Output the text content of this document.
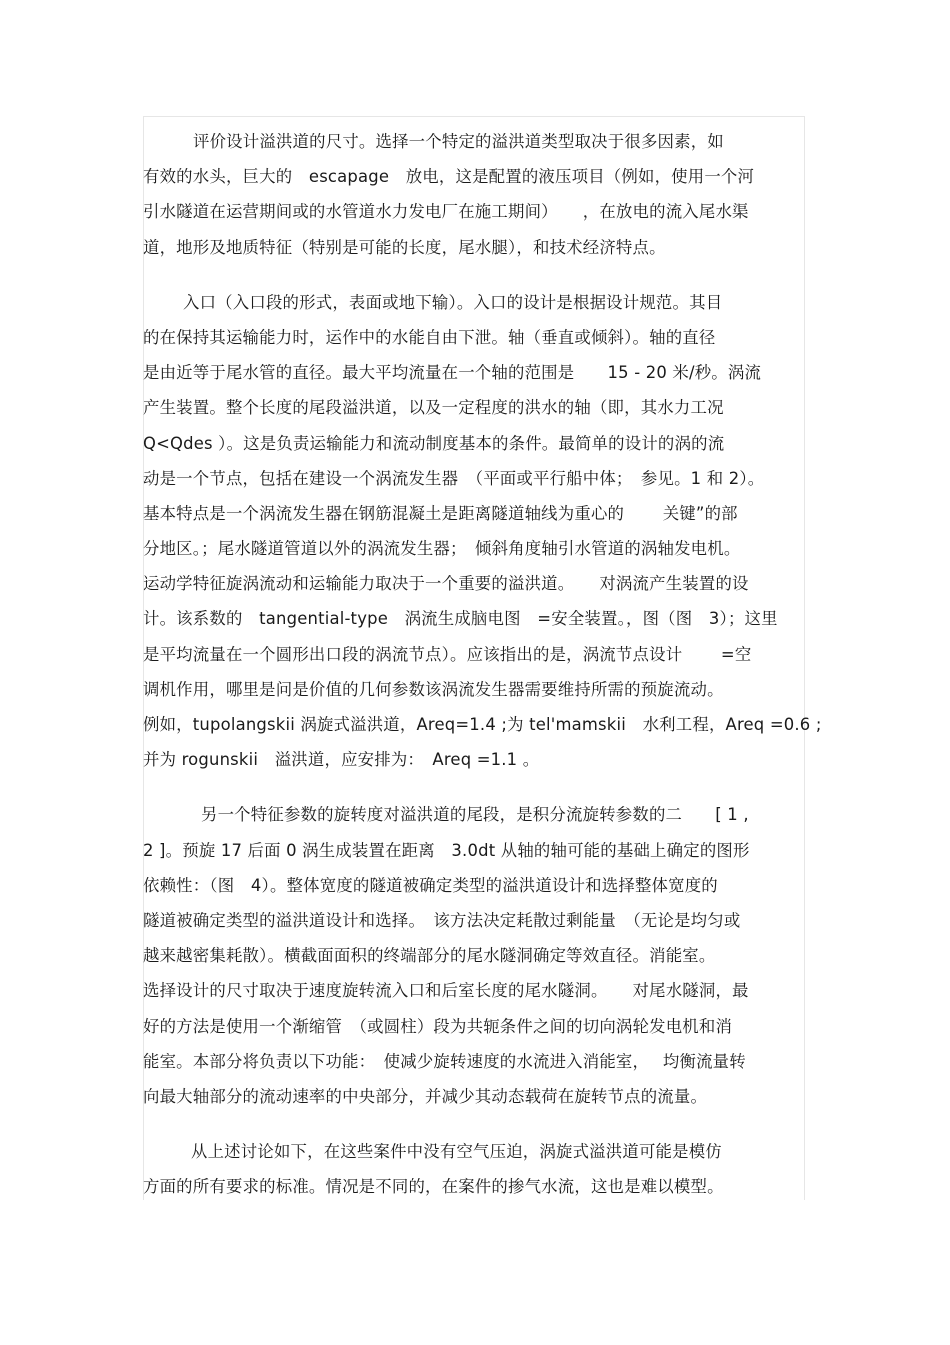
评价设计溢洪道的尺寸。选择一个特定的溢洪道类型取决于很多因素，如
有效的水头，巨大的　escapage　放电，这是配置的液压项目（例如，使用一个河
引水隧道在运营期间或的水管道水力发电厂在施工期间）　　，在放电的流入尾水渠
道，地形及地质特征（特别是可能的长度，尾水腿），和技术经济特点。
入口（入口段的形式，表面或地下输）。入口的设计是根据设计规范。其目
的在保持其运输能力时，运作中的水能自由下泄。轴（垂直或倾斜）。轴的直径
是由近等于尾水管的直径。最大平均流量在一个轴的范围是　　15 - 20 米/秒。涡流
产生装置。整个长度的尾段溢洪道，以及一定程度的洪水的轴（即，其水力工况
Q<Qdes ）。这是负责运输能力和流动制度基本的条件。最简单的设计的涡的流
动是一个节点，包括在建设一个涡流发生器　（平面或平行船中体；　参见。1 和 2）。
基本特点是一个涡流发生器在钢筋混凝土是距离隧道轴线为重心的　　 关键”的部
分地区。；尾水隧道管道以外的涡流发生器；　倾斜角度轴引水管道的涡轴发电机。
运动学特征旋涡流动和运输能力取决于一个重要的溢洪道。　　对涡流产生装置的设
计。该系数的　tangential-type　涡流生成脑电图　=安全装置。，图（图　3）；这里
是平均流量在一个圆形出口段的涡流节点）。应该指出的是，涡流节点设计　　 =空
调机作用，哪里是问是价值的几何参数该涡流发生器需要维持所需的预旋流动。
例如，tupolangskii 涡旋式溢洪道，Areq=1.4 ;为 tel'mamskii　水利工程，Areq =0.6 ;
并为 rogunskii　溢洪道，应安排为：　Areq =1.1 。
另一个特征参数的旋转度对溢洪道的尾段，是积分流旋转参数的二　　[ 1 ,
2 ]。预旋 17 后面 0 涡生成装置在距离　3.0dt 从轴的轴可能的基础上确定的图形
依赖性：（图　4）。整体宽度的隧道被确定类型的溢洪道设计和选择整体宽度的
隧道被确定类型的溢洪道设计和选择。　该方法决定耗散过剩能量　（无论是均匀或
越来越密集耗散）。横截面面积的终端部分的尾水隧洞确定等效直径。消能室。
选择设计的尺寸取决于速度旋转流入口和后室长度的尾水隧洞。　　对尾水隧洞，最
好的方法是使用一个渐缩管　（或圆柱）段为共轭条件之间的切向涡轮发电机和消
能室。本部分将负责以下功能：　使减少旋转速度的水流进入消能室，　 均衡流量转
向最大轴部分的流动速率的中央部分，并减少其动态载荷在旋转节点的流量。
从上述讨论如下，在这些案件中没有空气压迫，涡旋式溢洪道可能是模仿
方面的所有要求的标准。情况是不同的，在案件的掺气水流，这也是难以模型。
